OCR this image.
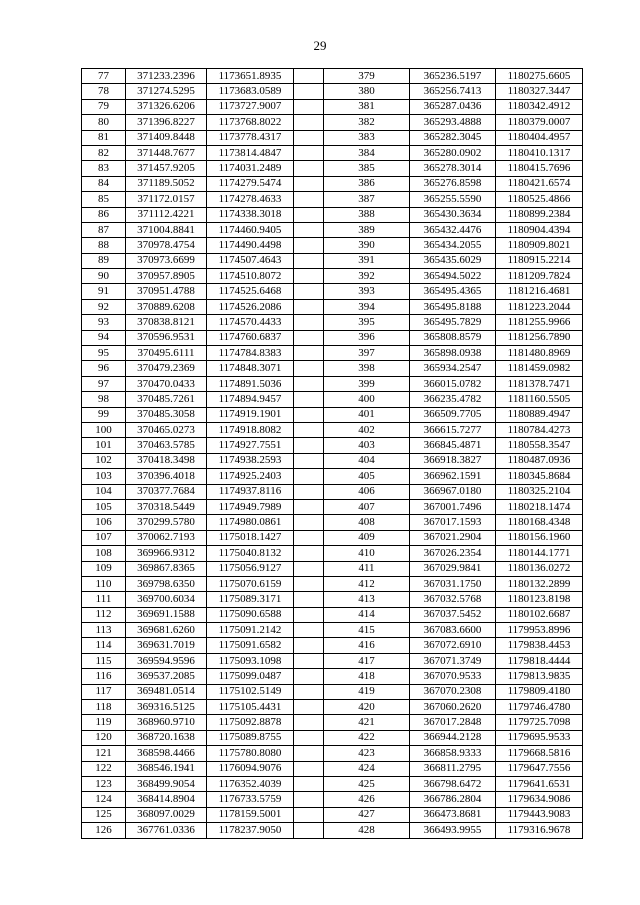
29
77	371233.2396	1173651.8935		379	365236.5197	1180275.6605
78	371274.5295	1173683.0589		380	365256.7413	1180327.3447
79	371326.6206	1173727.9007		381	365287.0436	1180342.4912
80	371396.8227	1173768.8022		382	365293.4888	1180379.0007
81	371409.8448	1173778.4317		383	365282.3045	1180404.4957
82	371448.7677	1173814.4847		384	365280.0902	1180410.1317
83	371457.9205	1174031.2489		385	365278.3014	1180415.7696
84	371189.5052	1174279.5474		386	365276.8598	1180421.6574
85	371172.0157	1174278.4633		387	365255.5590	1180525.4866
86	371112.4221	1174338.3018		388	365430.3634	1180899.2384
87	371004.8841	1174460.9405		389	365432.4476	1180904.4394
88	370978.4754	1174490.4498		390	365434.2055	1180909.8021
89	370973.6699	1174507.4643		391	365435.6029	1180915.2214
90	370957.8905	1174510.8072		392	365494.5022	1181209.7824
91	370951.4788	1174525.6468		393	365495.4365	1181216.4681
92	370889.6208	1174526.2086		394	365495.8188	1181223.2044
93	370838.8121	1174570.4433		395	365495.7829	1181255.9966
94	370596.9531	1174760.6837		396	365808.8579	1181256.7890
95	370495.6111	1174784.8383		397	365898.0938	1181480.8969
96	370479.2369	1174848.3071		398	365934.2547	1181459.0982
97	370470.0433	1174891.5036		399	366015.0782	1181378.7471
98	370485.7261	1174894.9457		400	366235.4782	1181160.5505
99	370485.3058	1174919.1901		401	366509.7705	1180889.4947
100	370465.0273	1174918.8082		402	366615.7277	1180784.4273
101	370463.5785	1174927.7551		403	366845.4871	1180558.3547
102	370418.3498	1174938.2593		404	366918.3827	1180487.0936
103	370396.4018	1174925.2403		405	366962.1591	1180345.8684
104	370377.7684	1174937.8116		406	366967.0180	1180325.2104
105	370318.5449	1174949.7989		407	367001.7496	1180218.1474
106	370299.5780	1174980.0861		408	367017.1593	1180168.4348
107	370062.7193	1175018.1427		409	367021.2904	1180156.1960
108	369966.9312	1175040.8132		410	367026.2354	1180144.1771
109	369867.8365	1175056.9127		411	367029.9841	1180136.0272
110	369798.6350	1175070.6159		412	367031.1750	1180132.2899
111	369700.6034	1175089.3171		413	367032.5768	1180123.8198
112	369691.1588	1175090.6588		414	367037.5452	1180102.6687
113	369681.6260	1175091.2142		415	367083.6600	1179953.8996
114	369631.7019	1175091.6582		416	367072.6910	1179838.4453
115	369594.9596	1175093.1098		417	367071.3749	1179818.4444
116	369537.2085	1175099.0487		418	367070.9533	1179813.9835
117	369481.0514	1175102.5149		419	367070.2308	1179809.4180
118	369316.5125	1175105.4431		420	367060.2620	1179746.4780
119	368960.9710	1175092.8878		421	367017.2848	1179725.7098
120	368720.1638	1175089.8755		422	366944.2128	1179695.9533
121	368598.4466	1175780.8080		423	366858.9333	1179668.5816
122	368546.1941	1176094.9076		424	366811.2795	1179647.7556
123	368499.9054	1176352.4039		425	366798.6472	1179641.6531
124	368414.8904	1176733.5759		426	366786.2804	1179634.9086
125	368097.0029	1178159.5001		427	366473.8681	1179443.9083
126	367761.0336	1178237.9050		428	366493.9955	1179316.9678
